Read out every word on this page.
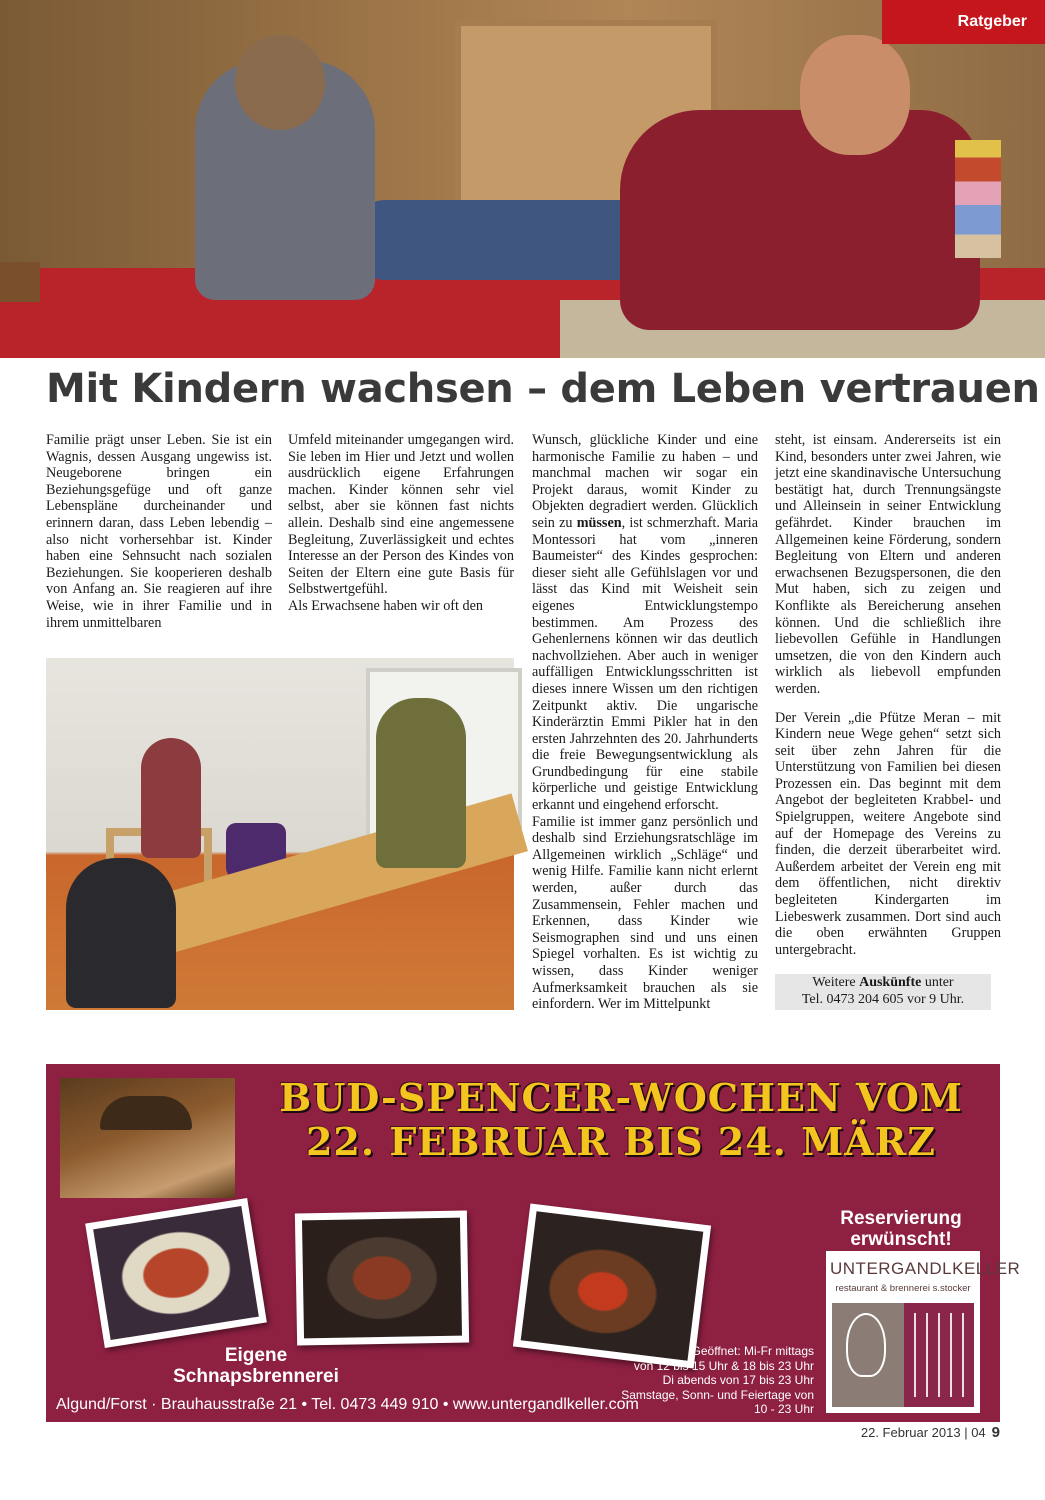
Ratgeber
Mit Kindern wachsen – dem Leben vertrauen

Familie prägt unser Leben. Sie ist ein Wagnis, dessen Ausgang ungewiss ist. Neugeborene bringen ein Beziehungsgefüge und oft ganze Lebenspläne durcheinander und erinnern daran, dass Leben lebendig – also nicht vorhersehbar ist. Kinder haben eine Sehnsucht nach sozialen Beziehungen. Sie kooperieren deshalb von Anfang an. Sie reagieren auf ihre Weise, wie in ihrer Familie und in ihrem unmittelbaren

Umfeld miteinander umgegangen wird. Sie leben im Hier und Jetzt und wollen ausdrücklich eigene Erfahrungen machen. Kinder können sehr viel selbst, aber sie können fast nichts allein. Deshalb sind eine angemessene Begleitung, Zuverlässigkeit und echtes Interesse an der Person des Kindes von Seiten der Eltern eine gute Basis für Selbstwertgefühl.

Als Erwachsene haben wir oft den

Wunsch, glückliche Kinder und eine harmonische Familie zu haben – und manchmal machen wir sogar ein Projekt daraus, womit Kinder zu Objekten degradiert werden. Glücklich sein zu müssen, ist schmerzhaft. Maria Montessori hat vom „inneren Baumeister“ des Kindes gesprochen: dieser sieht alle Gefühlslagen vor und lässt das Kind mit Weisheit sein eigenes Entwicklungstempo bestimmen. Am Prozess des Gehenlernens können wir das deutlich nachvollziehen. Aber auch in weniger auffälligen Entwicklungsschritten ist dieses innere Wissen um den richtigen Zeitpunkt aktiv. Die ungarische Kinderärztin Emmi Pikler hat in den ersten Jahrzehnten des 20. Jahrhunderts die freie Bewegungsentwicklung als Grundbedingung für eine stabile körperliche und geistige Entwicklung erkannt und eingehend erforscht.

Familie ist immer ganz persönlich und deshalb sind Erziehungsratschläge im Allgemeinen wirklich „Schläge“ und wenig Hilfe. Familie kann nicht erlernt werden, außer durch das Zusammensein, Fehler machen und Erkennen, dass Kinder wie Seismographen sind und uns einen Spiegel vorhalten. Es ist wichtig zu wissen, dass Kinder weniger Aufmerksamkeit brauchen als sie einfordern. Wer im Mittelpunkt

steht, ist einsam. Andererseits ist ein Kind, besonders unter zwei Jahren, wie jetzt eine skandinavische Untersuchung bestätigt hat, durch Trennungsängste und Alleinsein in seiner Entwicklung gefährdet. Kinder brauchen im Allgemeinen keine Förderung, sondern Begleitung von Eltern und anderen erwachsenen Bezugspersonen, die den Mut haben, sich zu zeigen und Konflikte als Bereicherung ansehen können. Und die schließlich ihre liebevollen Gefühle in Handlungen umsetzen, die von den Kindern auch wirklich als liebevoll empfunden werden.

Der Verein „die Pfütze Meran – mit Kindern neue Wege gehen“ setzt sich seit über zehn Jahren für die Unterstützung von Familien bei diesen Prozessen ein. Das beginnt mit dem Angebot der begleiteten Krabbel- und Spielgruppen, weitere Angebote sind auf der Homepage des Vereins zu finden, die derzeit überarbeitet wird. Außerdem arbeitet der Verein eng mit dem öffentlichen, nicht direktiv begleiteten Kindergarten im Liebeswerk zusammen. Dort sind auch die oben erwähnten Gruppen untergebracht.

Weitere Auskünfte unter
Tel. 0473 204 605 vor 9 Uhr.
BUD-SPENCER-WOCHEN VOM
22. FEBRUAR BIS 24. MÄRZ
Reservierung erwünscht!
UNTERGANDLKELLER
restaurant & brennerei s.stocker
Eigene Schnapsbrennerei
Geöffnet: Mi-Fr mittags
von 12 bis 15 Uhr & 18 bis 23 Uhr
Di abends von 17 bis 23 Uhr
Samstage, Sonn- und Feiertage von 10 - 23 Uhr
Algund/Forst · Brauhausstraße 21 • Tel. 0473 449 910 • www.untergandlkeller.com
22. Februar 2013 | 04 9
